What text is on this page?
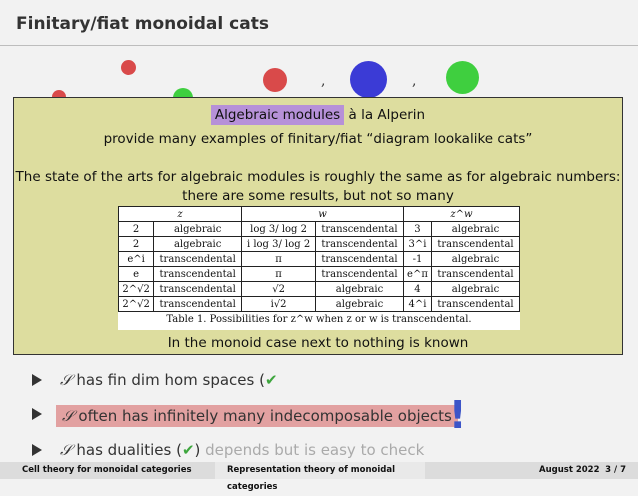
Finitary/fiat monoidal cats
,	,
Algebraic modules à la Alperin
provide many examples of finitary/fiat “diagram lookalike cats”
The state of the arts for algebraic modules is roughly the same as for algebraic numbers:
there are some results, but not so many
z		w		z^w	
2	algebraic	log 3/ log 2	transcendental	3	algebraic
2	algebraic	i log 3/ log 2	transcendental	3^i	transcendental
e^i	transcendental	π	transcendental	-1	algebraic
e	transcendental	π	transcendental	e^π	transcendental
2^√2	transcendental	√2	algebraic	4	algebraic
2^√2	transcendental	i√2	algebraic	4^i	transcendental
Table 1. Possibilities for z^w when z or w is transcendental.
In the monoid case next to nothing is known
𝒮 has fin dim hom spaces (✔
𝒮 often has infinitely many indecomposable objects
!
𝒮 has dualities (✔) depends but is easy to check
Cell theory for monoidal categories	Representation theory of monoidal categories
August 2022 3 / 7
